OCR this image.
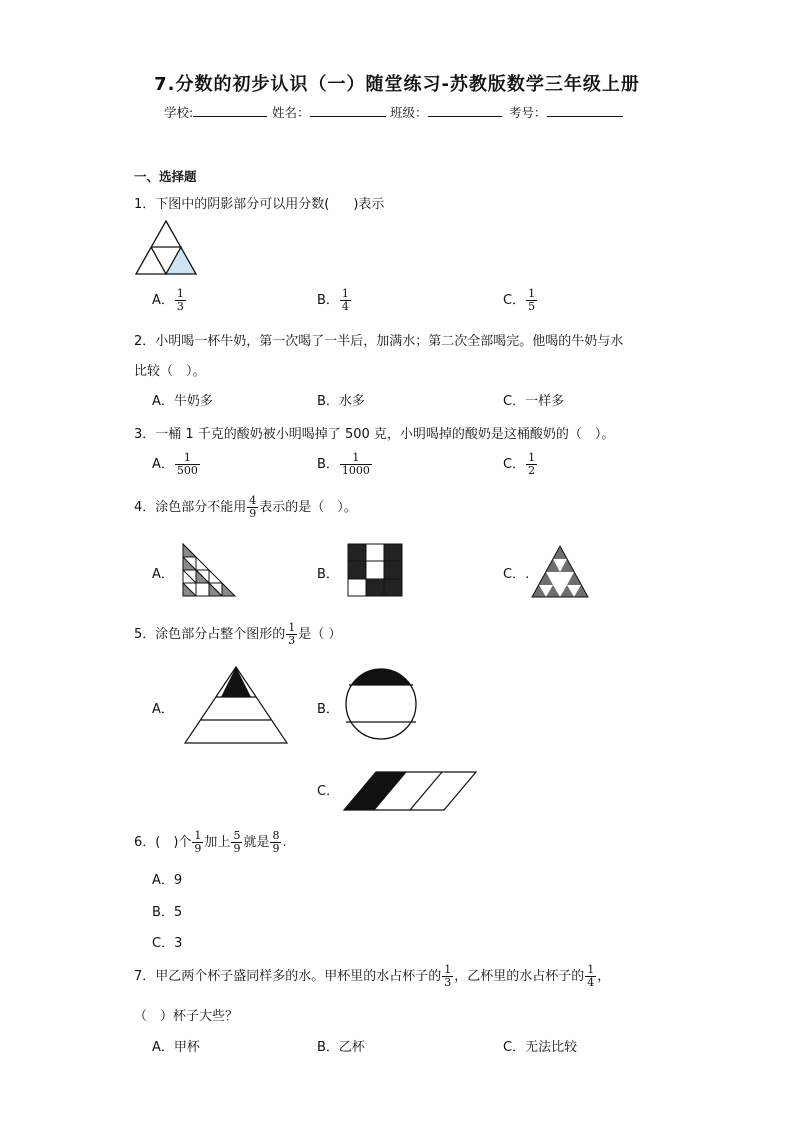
7.分数的初步认识（一）随堂练习-苏教版数学三年级上册
学校:	姓名：	班级：	考号：
一、选择题
1．下图中的阴影部分可以用分数( )表示
A． $\frac{1}{3}$	B． $\frac{1}{4}$	C． $\frac{1}{5}$
2．小明喝一杯牛奶，第一次喝了一半后，加满水；第二次全部喝完。他喝的牛奶与水
比较（　）。
A．牛奶多	B．水多	C．一样多
3．一桶 1 千克的酸奶被小明喝掉了 500 克，小明喝掉的酸奶是这桶酸奶的（　）。
A． $\frac{1}{500}$	B． $\frac{1}{1000}$	C． $\frac{1}{2}$
4．涂色部分不能用 $\frac{4}{9}$ 表示的是（　）。
A．	B．	C．.
5．涂色部分占整个图形的 $\frac{1}{3}$ 是（ ）
A．	B．
C．
6．(　)个 $\frac{1}{9}$ 加上 $\frac{5}{9}$ 就是 $\frac{8}{9}$ .
A．9
B．5
C．3
7．甲乙两个杯子盛同样多的水。甲杯里的水占杯子的 $\frac{1}{3}$ ，乙杯里的水占杯子的 $\frac{1}{4}$ ，
（　）杯子大些？
A．甲杯	B．乙杯	C．无法比较
